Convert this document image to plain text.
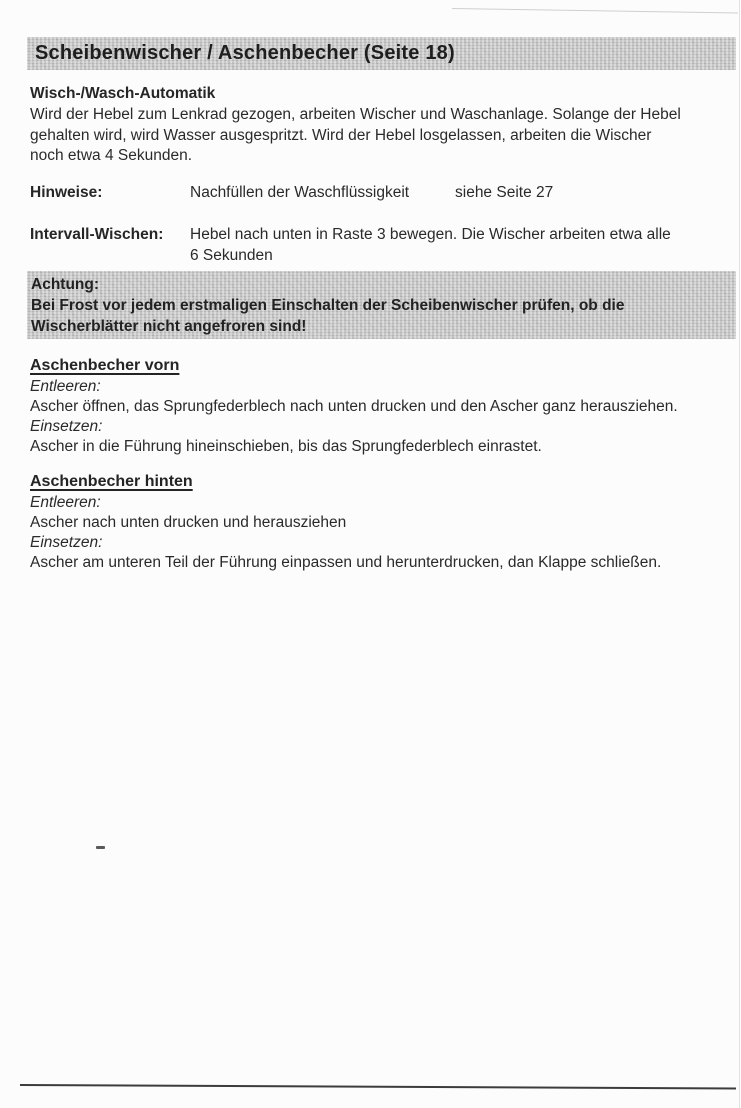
Scheibenwischer / Aschenbecher (Seite 18)
Wisch-/Wasch-Automatik
Wird der Hebel zum Lenkrad gezogen, arbeiten Wischer und Waschanlage. Solange der Hebel
gehalten wird, wird Wasser ausgespritzt. Wird der Hebel losgelassen, arbeiten die Wischer
noch etwa 4 Sekunden.
Hinweise:	Nachfüllen der Waschflüssigkeit	siehe Seite 27
Intervall-Wischen: Hebel nach unten in Raste 3 bewegen. Die Wischer arbeiten etwa alle
6 Sekunden
Achtung:
Bei Frost vor jedem erstmaligen Einschalten der Scheibenwischer prüfen, ob die
Wischerblätter nicht angefroren sind!
Aschenbecher vorn
Entleeren:
Ascher öffnen, das Sprungfederblech nach unten drucken und den Ascher ganz herausziehen.
Einsetzen:
Ascher in die Führung hineinschieben, bis das Sprungfederblech einrastet.
Aschenbecher hinten
Entleeren:
Ascher nach unten drucken und herausziehen
Einsetzen:
Ascher am unteren Teil der Führung einpassen und herunterdrucken, dan Klappe schließen.
